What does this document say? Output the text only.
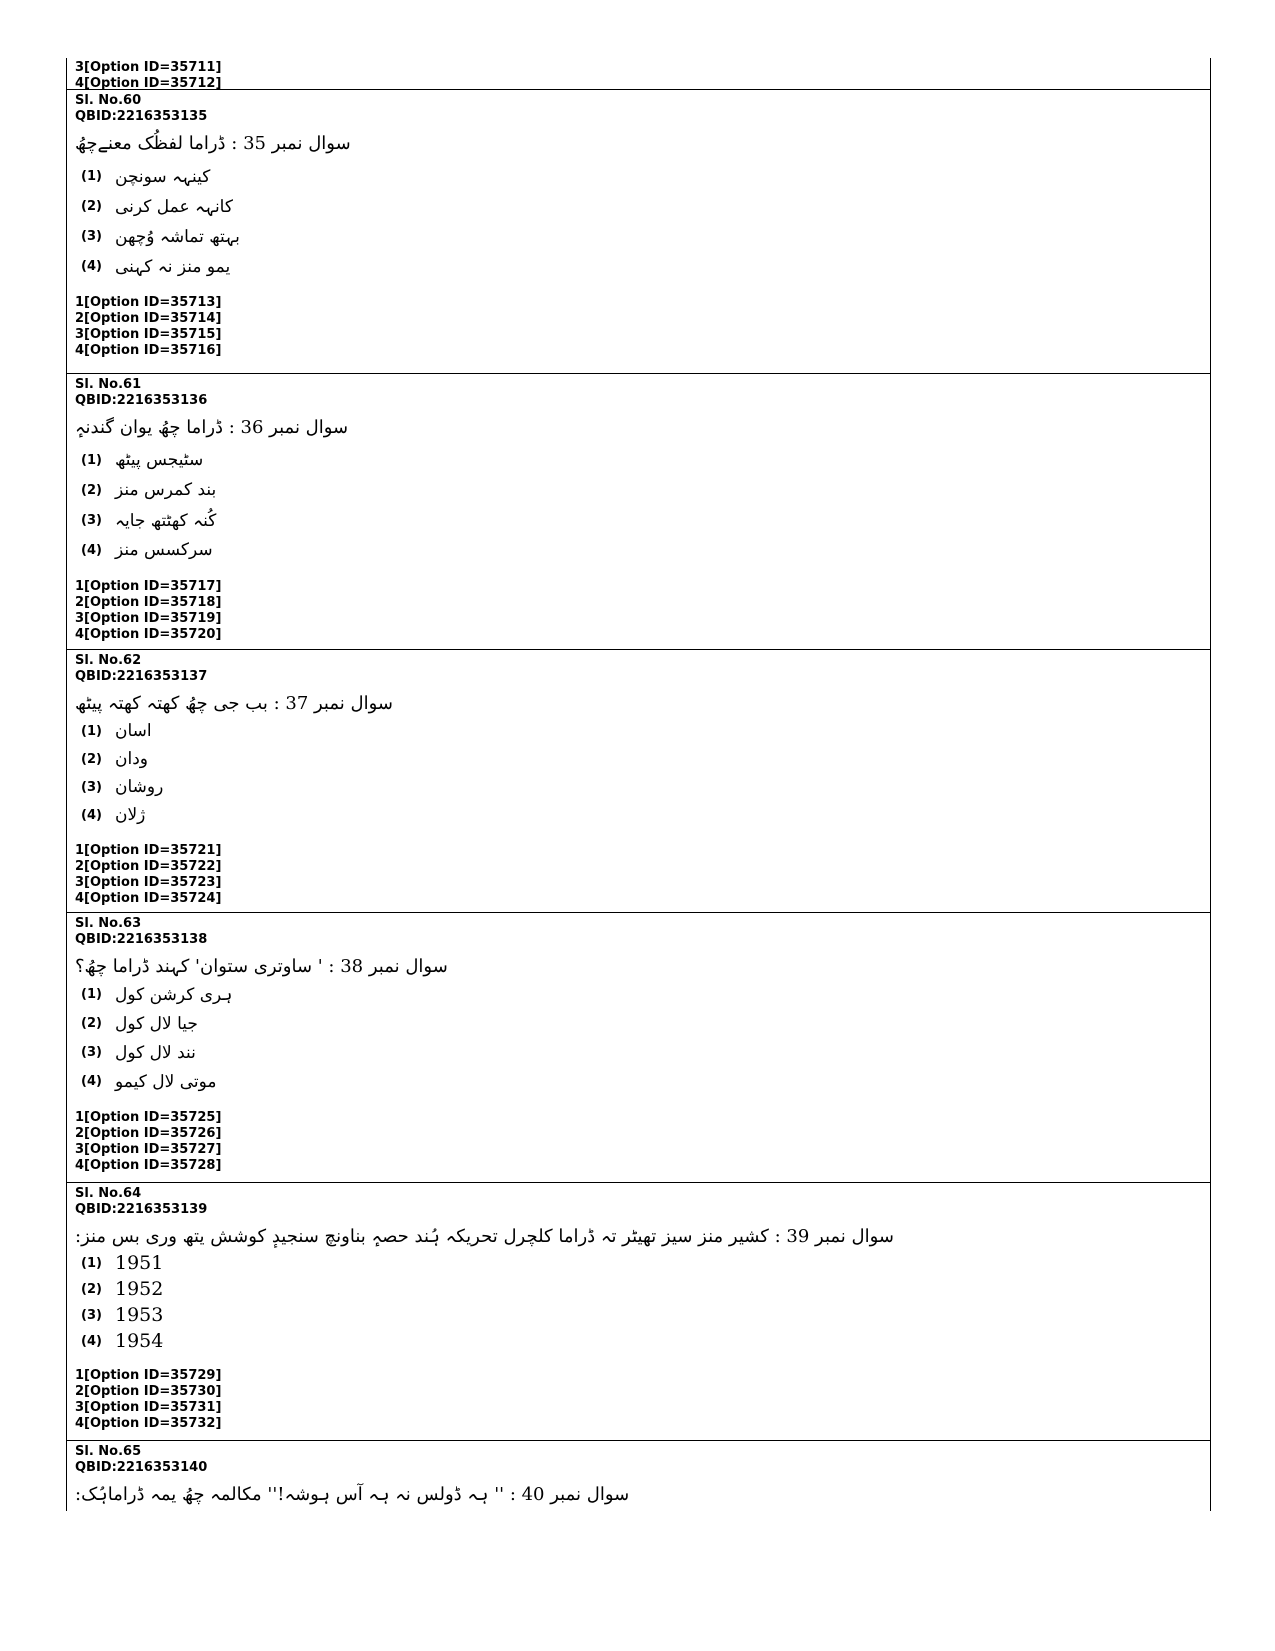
3[Option ID=35711]
4[Option ID=35712]
Sl. No.60
QBID:2216353135
سوال نمبر 35 : ڈراما لفظُک معنےچھُ
(1) کینہہ سونچن
(2) کانہہ عمل کرنی
(3) بہتھ تماشہ وُچھن
(4) یمو منز نہ کہنی
1[Option ID=35713]
2[Option ID=35714]
3[Option ID=35715]
4[Option ID=35716]
Sl. No.61
QBID:2216353136
سوال نمبر 36 : ڈراما چھُ یوان گندنہٕ
(1) سٹیجس پیٹھ
(2) بند کمرس منز
(3) کُنہ کھٹتھ جایہ
(4) سرکسس منز
1[Option ID=35717]
2[Option ID=35718]
3[Option ID=35719]
4[Option ID=35720]
Sl. No.62
QBID:2216353137
سوال نمبر 37 : بب جی چھُ کھتہ کھتہ پیٹھ
(1) اسان
(2) ودان
(3) روشان
(4) ژلان
1[Option ID=35721]
2[Option ID=35722]
3[Option ID=35723]
4[Option ID=35724]
Sl. No.63
QBID:2216353138
سوال نمبر 38 : ' ساوتری ستوان' کہند ڈراما چھُ؟
(1) ہری کرشن کول
(2) جیا لال کول
(3) نند لال کول
(4) موتی لال کیمو
1[Option ID=35725]
2[Option ID=35726]
3[Option ID=35727]
4[Option ID=35728]
Sl. No.64
QBID:2216353139
سوال نمبر 39 : کشیر منز سیز تھیٹر تہ ڈراما کلچرل تحریکہ ہُند حصہٕ بناونچ سنجیدٕ کوشش یتھ وری بس منز:
(1) 1951
(2) 1952
(3) 1953
(4) 1954
1[Option ID=35729]
2[Option ID=35730]
3[Option ID=35731]
4[Option ID=35732]
Sl. No.65
QBID:2216353140
سوال نمبر 40 : '' ہہ ڈولس نہ ہہ آس ہوشہ!'' مکالمہ چھُ یمہ ڈراماہُک:
